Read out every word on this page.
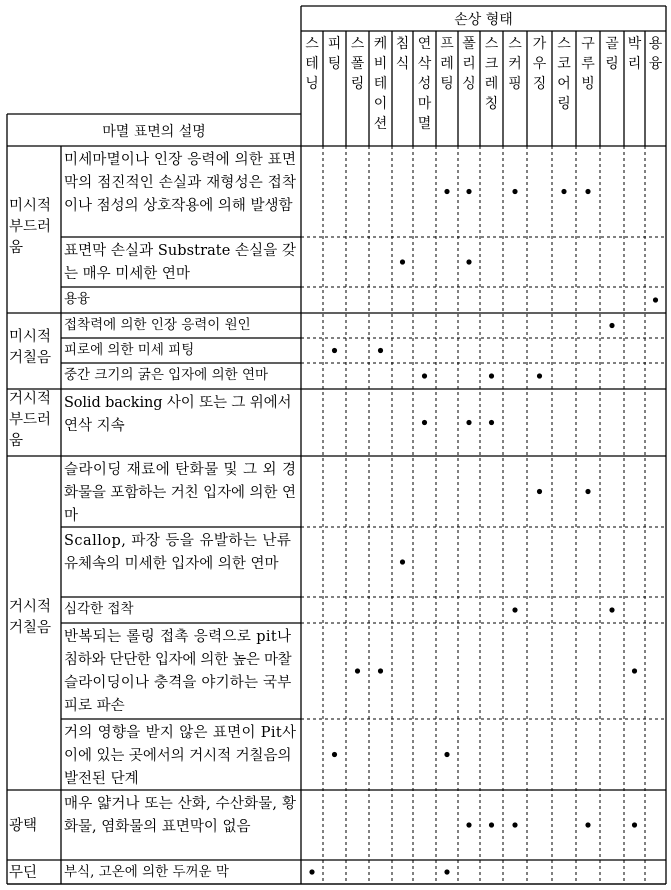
손상 형태
마멸 표면의 설명
스 테 닝
피 팅
스 폴 링
케 비 테 이 션
침 식
연 삭 성 마 멸
프 레 팅
폴 리 싱
스 크 레 칭
스 커 핑
가 우 징
스 코 어 링
구 루 빙
골 링
박 리
용 융
미시적 부드러 움
미세마멸이나 인장 응력에 의한 표면 막의 점진적인 손실과 재형성은 접착 이나 점성의 상호작용에 의해 발생함
표면막 손실과 Substrate 손실을 갖 는 매우 미세한 연마
용융
미시적 거칠음
접착력에 의한 인장 응력이 원인
피로에 의한 미세 피팅
중간 크기의 굵은 입자에 의한 연마
거시적 부드러 움
Solid backing 사이 또는 그 위에서 연삭 지속
거시적 거칠음
슬라이딩 재료에 탄화물 및 그 외 경 화물을 포함하는 거친 입자에 의한 연 마
Scallop, 파장 등을 유발하는 난류 유체속의 미세한 입자에 의한 연마
심각한 접착
반복되는 롤링 접촉 응력으로 pit나 침하와 단단한 입자에 의한 높은 마찰 슬라이딩이나 충격을 야기하는 국부 피로 파손
거의 영향을 받지 않은 표면이 Pit사 이에 있는 곳에서의 거시적 거칠음의 발전된 단계
광택
매우 얇거나 또는 산화, 수산화물, 황 화물, 염화물의 표면막이 없음
무딘 부식, 고온에 의한 두꺼운 막
